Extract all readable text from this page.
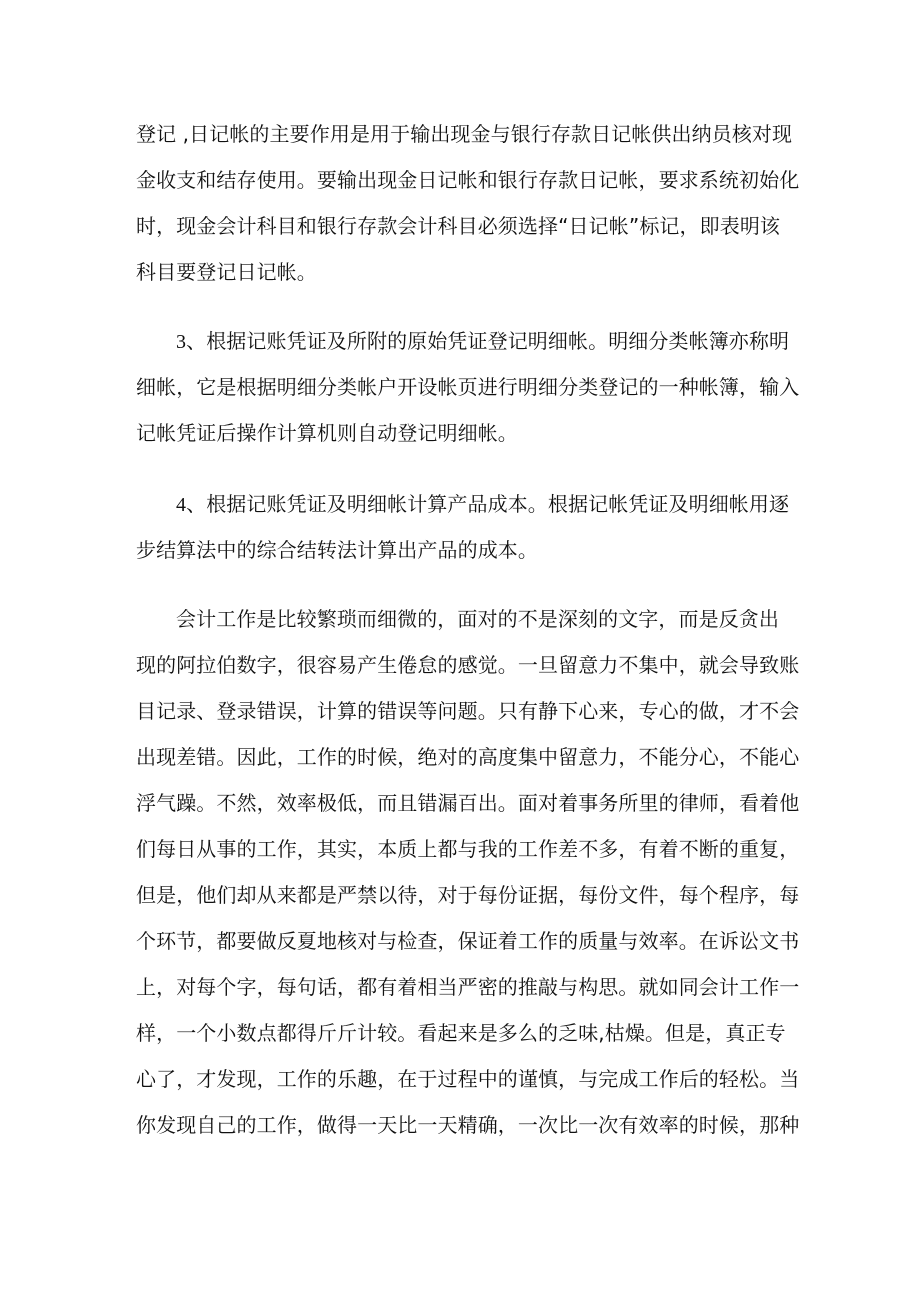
登记 ,日记帐的主要作用是用于输出现金与银行存款日记帐供出纳员核对现
金收支和结存使用。要输出现金日记帐和银行存款日记帐，要求系统初始化
时，现金会计科目和银行存款会计科目必须选择“日记帐”标记，即表明该
科目要登记日记帐。
3、根据记账凭证及所附的原始凭证登记明细帐。明细分类帐簿亦称明
细帐，它是根据明细分类帐户开设帐页进行明细分类登记的一种帐簿，输入
记帐凭证后操作计算机则自动登记明细帐。
4、根据记账凭证及明细帐计算产品成本。根据记帐凭证及明细帐用逐
步结算法中的综合结转法计算出产品的成本。
会计工作是比较繁琐而细微的，面对的不是深刻的文字，而是反贪出
现的阿拉伯数字，很容易产生倦怠的感觉。一旦留意力不集中，就会导致账
目记录、登录错误，计算的错误等问题。只有静下心来，专心的做，才不会
出现差错。因此，工作的时候，绝对的高度集中留意力，不能分心，不能心
浮气躁。不然，效率极低，而且错漏百出。面对着事务所里的律师，看着他
们每日从事的工作，其实，本质上都与我的工作差不多，有着不断的重复，
但是，他们却从来都是严禁以待，对于每份证据，每份文件，每个程序，每
个环节，都要做反夏地核对与检查，保证着工作的质量与效率。在诉讼文书
上，对每个字，每句话，都有着相当严密的推敲与构思。就如同会计工作一
样，一个小数点都得斤斤计较。看起来是多么的乏味,枯燥。但是，真正专
心了，才发现，工作的乐趣，在于过程中的谨慎，与完成工作后的轻松。当
你发现自己的工作，做得一天比一天精确，一次比一次有效率的时候，那种
